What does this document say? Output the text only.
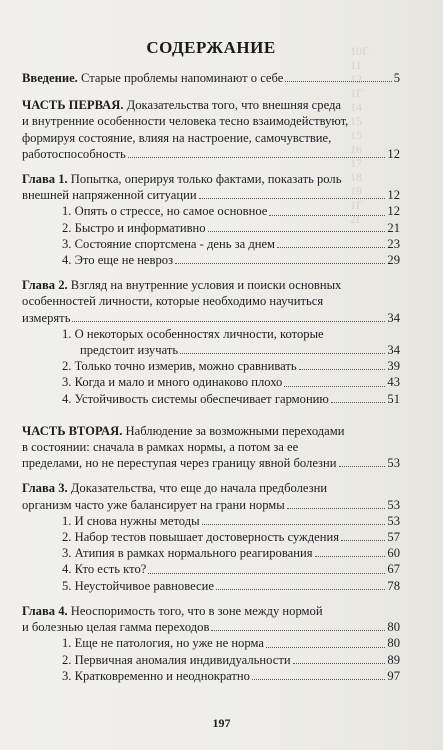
10Г
11
12
1Г
14
15
15
16
17
18
19
1Г
2Г
СОДЕРЖАНИЕ
Введение. Старые проблемы напоминают о себе	5
ЧАСТЬ ПЕРВАЯ. Доказательства того, что внешняя среда
и внутренние особенности человека тесно взаимодействуют,
формируя состояние, влияя на настроение, самочувствие,
работоспособность	12
Глава 1. Попытка, оперируя только фактами, показать роль
внешней напряженной ситуации	12
1. Опять о стрессе, но самое основное	12
2. Быстро и информативно	21
3. Состояние спортсмена - день за днем	23
4. Это еще не невроз	29
Глава 2. Взгляд на внутренние условия и поиски основных
особенностей личности, которые необходимо научиться
измерять	34
1. О некоторых особенностях личности, которые
предстоит изучать	34
2. Только точно измерив, можно сравнивать	39
3. Когда и мало и много одинаково плохо	43
4. Устойчивость системы обеспечивает гармонию	51
ЧАСТЬ ВТОРАЯ. Наблюдение за возможными переходами
в состоянии: сначала в рамках нормы, а потом за ее
пределами, но не переступая через границу явной болезни	53
Глава 3. Доказательства, что еще до начала предболезни
организм часто уже балансирует на грани нормы	53
1. И снова нужны методы	53
2. Набор тестов повышает достоверность суждения	57
3. Атипия в рамках нормального реагирования	60
4. Кто есть кто?	67
5. Неустойчивое равновесие	78
Глава 4. Неоспоримость того, что в зоне между нормой
и болезнью целая гамма переходов	80
1. Еще не патология, но уже не норма	80
2. Первичная аномалия индивидуальности	89
3. Кратковременно и неоднократно	97
197
